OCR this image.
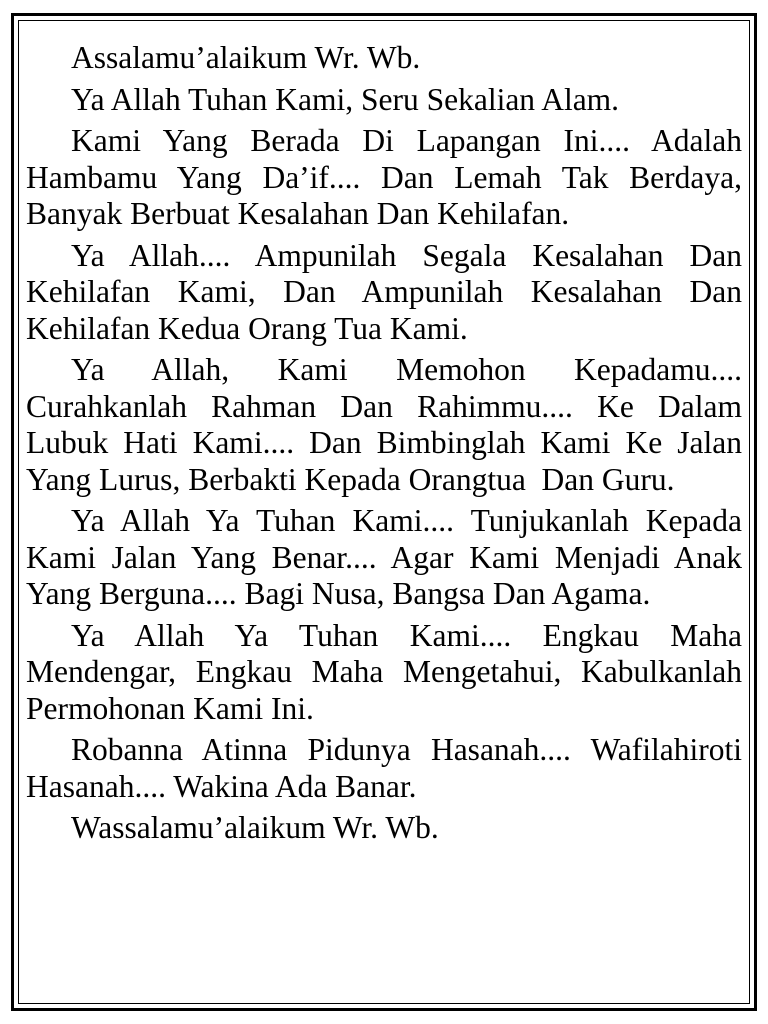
Assalamu’alaikum Wr. Wb.

Ya Allah Tuhan Kami, Seru Sekalian Alam.

Kami Yang Berada Di Lapangan Ini.... Adalah Hambamu Yang Da’if.... Dan Lemah Tak Berdaya, Banyak Berbuat Kesalahan Dan Kehilafan.

Ya Allah.... Ampunilah Segala Kesalahan Dan Kehilafan Kami, Dan Ampunilah Kesalahan Dan Kehilafan Kedua Orang Tua Kami.

Ya Allah, Kami Memohon Kepadamu.... Curahkanlah Rahman Dan Rahimmu.... Ke Dalam Lubuk Hati Kami.... Dan Bimbinglah Kami Ke Jalan Yang Lurus, Berbakti Kepada Orangtua  Dan Guru.

Ya Allah Ya Tuhan Kami.... Tunjukanlah Kepada Kami Jalan Yang Benar.... Agar Kami Menjadi Anak Yang Berguna.... Bagi Nusa, Bangsa Dan Agama.

Ya Allah Ya Tuhan Kami.... Engkau Maha Mendengar, Engkau Maha Mengetahui, Kabulkanlah Permohonan Kami Ini.

Robanna Atinna Pidunya Hasanah.... Wafilahiroti Hasanah.... Wakina Ada Banar.

Wassalamu’alaikum Wr. Wb.
